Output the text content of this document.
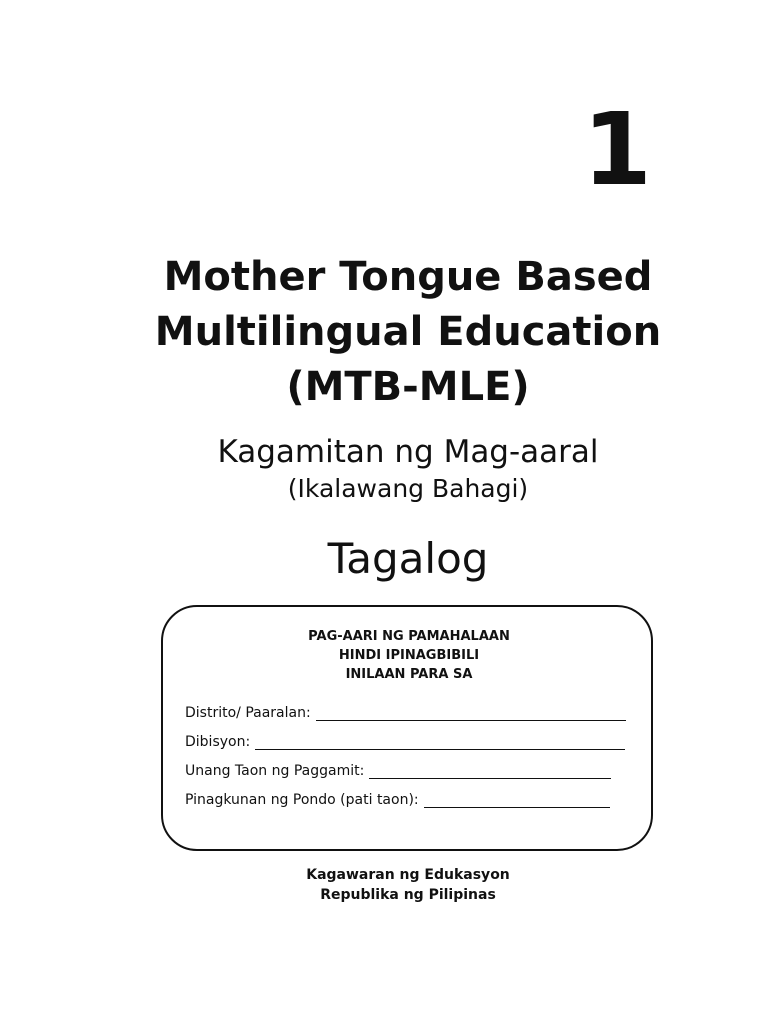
1
Mother Tongue Based
Multilingual Education
(MTB-MLE)
Kagamitan ng Mag-aaral
(Ikalawang Bahagi)
Tagalog
PAG-AARI NG PAMAHALAAN
HINDI IPINAGBIBILI
INILAAN PARA SA
Distrito/ Paaralan:
Dibisyon:
Unang Taon ng Paggamit:
Pinagkunan ng Pondo (pati taon):
Kagawaran ng Edukasyon
Republika ng Pilipinas
